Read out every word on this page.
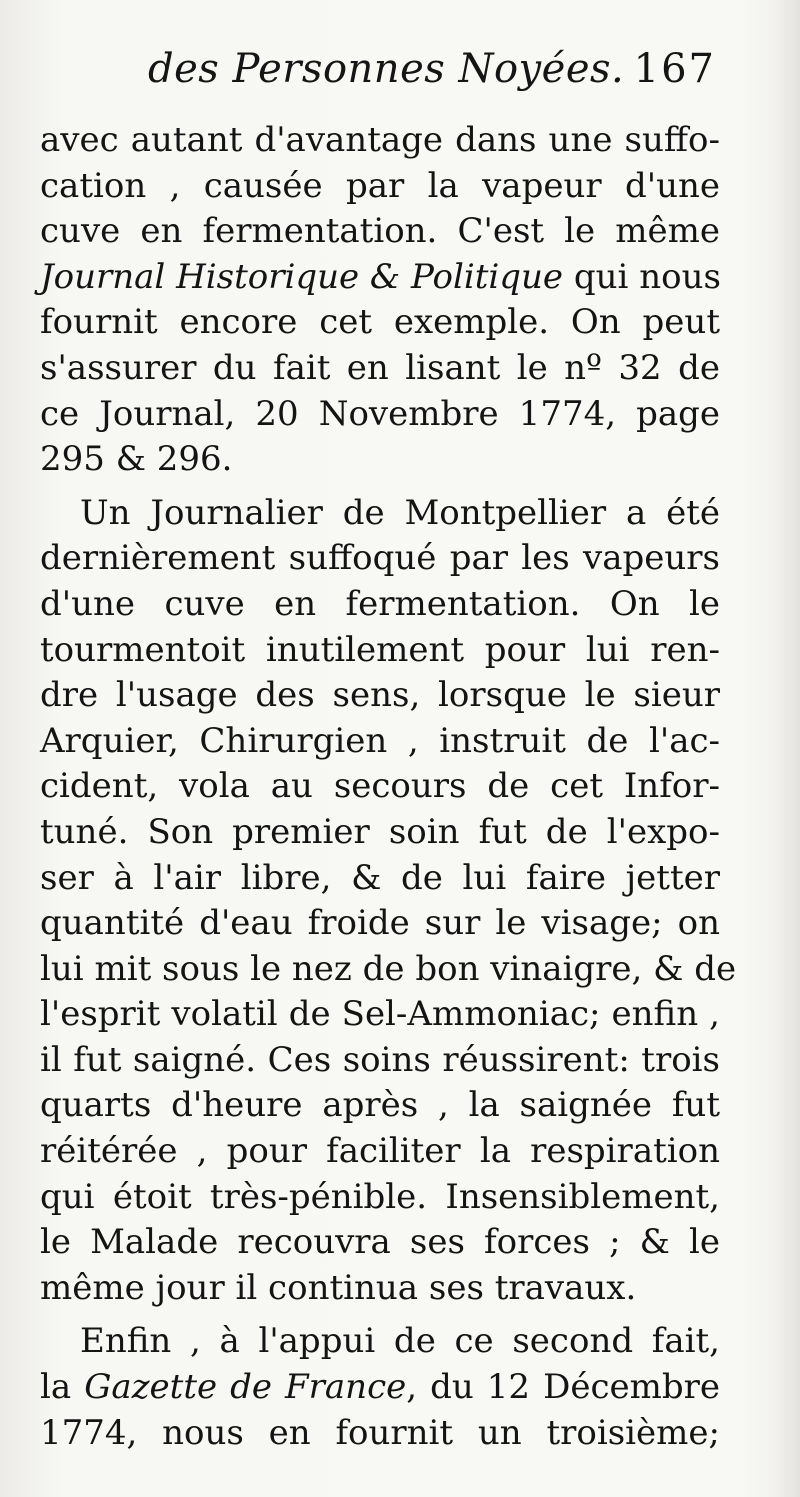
des Personnes Noyées. 167
avec autant d'avantage dans une suffo-
cation , causée par la vapeur d'une
cuve en fermentation. C'est le même
Journal Historique & Politique qui nous
fournit encore cet exemple. On peut
s'assurer du fait en lisant le nº 32 de
ce Journal, 20 Novembre 1774, page
295 & 296.
Un Journalier de Montpellier a été
dernièrement suffoqué par les vapeurs
d'une cuve en fermentation. On le
tourmentoit inutilement pour lui ren-
dre l'usage des sens, lorsque le sieur
Arquier, Chirurgien , instruit de l'ac-
cident, vola au secours de cet Infor-
tuné. Son premier soin fut de l'expo-
ser à l'air libre, & de lui faire jetter
quantité d'eau froide sur le visage; on
lui mit sous le nez de bon vinaigre, & de
l'esprit volatil de Sel-Ammoniac; enfin ,
il fut saigné. Ces soins réussirent: trois
quarts d'heure après , la saignée fut
réitérée , pour faciliter la respiration
qui étoit très-pénible. Insensiblement,
le Malade recouvra ses forces ; & le
même jour il continua ses travaux.
Enfin , à l'appui de ce second fait,
la Gazette de France, du 12 Décembre
1774, nous en fournit un troisième;
